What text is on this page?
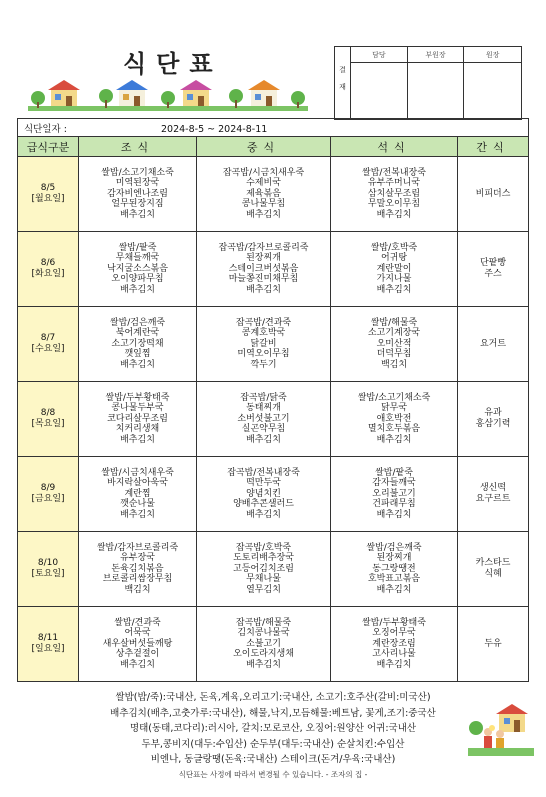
식단표
결재
담당	부원장	원장
식단일자 : 2024-8-5 ~ 2024-8-11				
급식구분	조식	중식	석식	간식

8/5
[월요일]	쌀밥/소고기채소죽
미역된장국
감자비엔나조림
얼무된장지짐
배추김치	잡곡밥/시금치새우죽
수제비국
제육볶음
콩나물무침
배추김치	쌀밥/전복내장죽
유부주머니국
삼치살무조림
무말오이무침
배추김치	비피더스

8/6
[화요일]	쌀밥/팥죽
무채들깨국
낙지굴소스볶음
오이양파무침
배추김치	잡곡밥/감자브로콜리죽
된장찌개
스테이크버섯볶음
마늘쫑진미채무침
배추김치	쌀밥/호박죽
어귀탕
계란말이
가지나물
배추김치	단팥빵
주스

8/7
[수요일]	쌀밥/검은깨죽
북어계란국
소고기장떡채
깻잎찜
배추김치	잡곡밥/견과죽
콩계호박국
닭갈비
미역오이무침
깍두기	쌀밥/해물죽
소고기계장국
오미산적
더덕무침
백김치	요거트

8/8
[목요일]	쌀밥/두부황태죽
콩나물두부국
코다리살무조림
치커리생채
배추김치	잡곡밥/닭죽
동태찌개
소버섯불고기
실곤약무침
배추김치	쌀밥/소고기채소죽
닭무국
애호박전
멸치호두볶음
배추김치	유과
홍삼기력

8/9
[금요일]	쌀밥/시금치새우죽
바지락살아욱국
계란찜
깻순나물
배추김치	잡곡밥/전복내장죽
떡만두국
양념치킨
양배추콘샐러드
배추김치	쌀밥/팥죽
감자들깨국
오리불고기
건파래무침
배추김치	생신떡
요구르트

8/10
[토요일]	쌀밥/감자브로콜리죽
유부장국
돈육김치볶음
브로콜리쌈장무침
백김치	잡곡밥/호박죽
도토리배추장국
고등어김치조림
무채나물
열무김치	쌀밥/검은깨죽
된장찌개
동그랑땡전
호박표고볶음
배추김치	카스타드
식혜

8/11
[일요일]	쌀밥/견과죽
어묵국
새우살버섯들깨탕
상추겉절이
배추김치	잡곡밥/해물죽
김치콩나물국
소불고기
오이도라지생채
배추김치	쌀밥/두부황태죽
오징어무국
계란장조림
고사리나물
배추김치	두유
쌀밥(밥/죽):국내산, 돈육,계육,오리고기:국내산, 소고기:호주산(갈비:미국산)
배추김치(배추,고춧가루:국내산), 해물,낙지,모듬해물:베트남, 꽃게,조기:중국산
명태(동태,코다리):러시아, 갈치:모로코산, 오징어:원양산 어귀:국내산
두부,콩비지(대두:수입산) 순두부(대두:국내산) 순살치킨:수입산
비엔나, 동글랑땡(돈육:국내산) 스테이크(돈겨/우육:국내산)
식단표는 사정에 따라서 변경될 수 있습니다. - 조자의 집 -
